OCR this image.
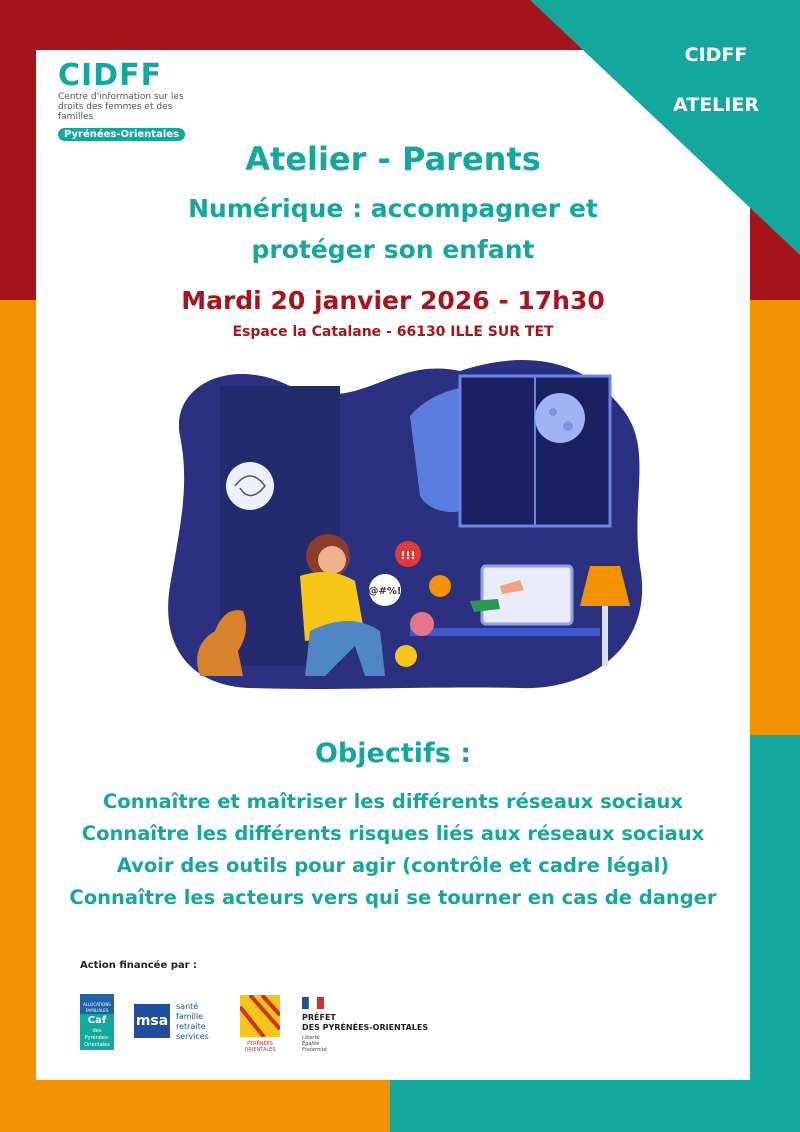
CIDFF
Centre d'information sur les droits des femmes et des familles
Pyrénées-Orientales
Atelier - Parents
Numérique : accompagner et
protéger son enfant
Mardi 20 janvier 2026 - 17h30
Espace la Catalane - 66130 ILLE SUR TET
!!!
@#%!
Objectifs :
Connaître et maîtriser les différents réseaux sociaux
Connaître les différents risques liés aux réseaux sociaux
Avoir des outils pour agir (contrôle et cadre légal)
Connaître les acteurs vers qui se tourner en cas de danger
Action financée par :
ALLOCATIONS FAMILIALES
Caf
des Pyrénées-Orientales
msa
santé
famille
retraite
services
PYRÉNÉES
ORIENTALES
PRÉFET
DES PYRÉNÉES-ORIENTALES
Liberté
Égalité
Fraternité
CIDFF
ATELIER
